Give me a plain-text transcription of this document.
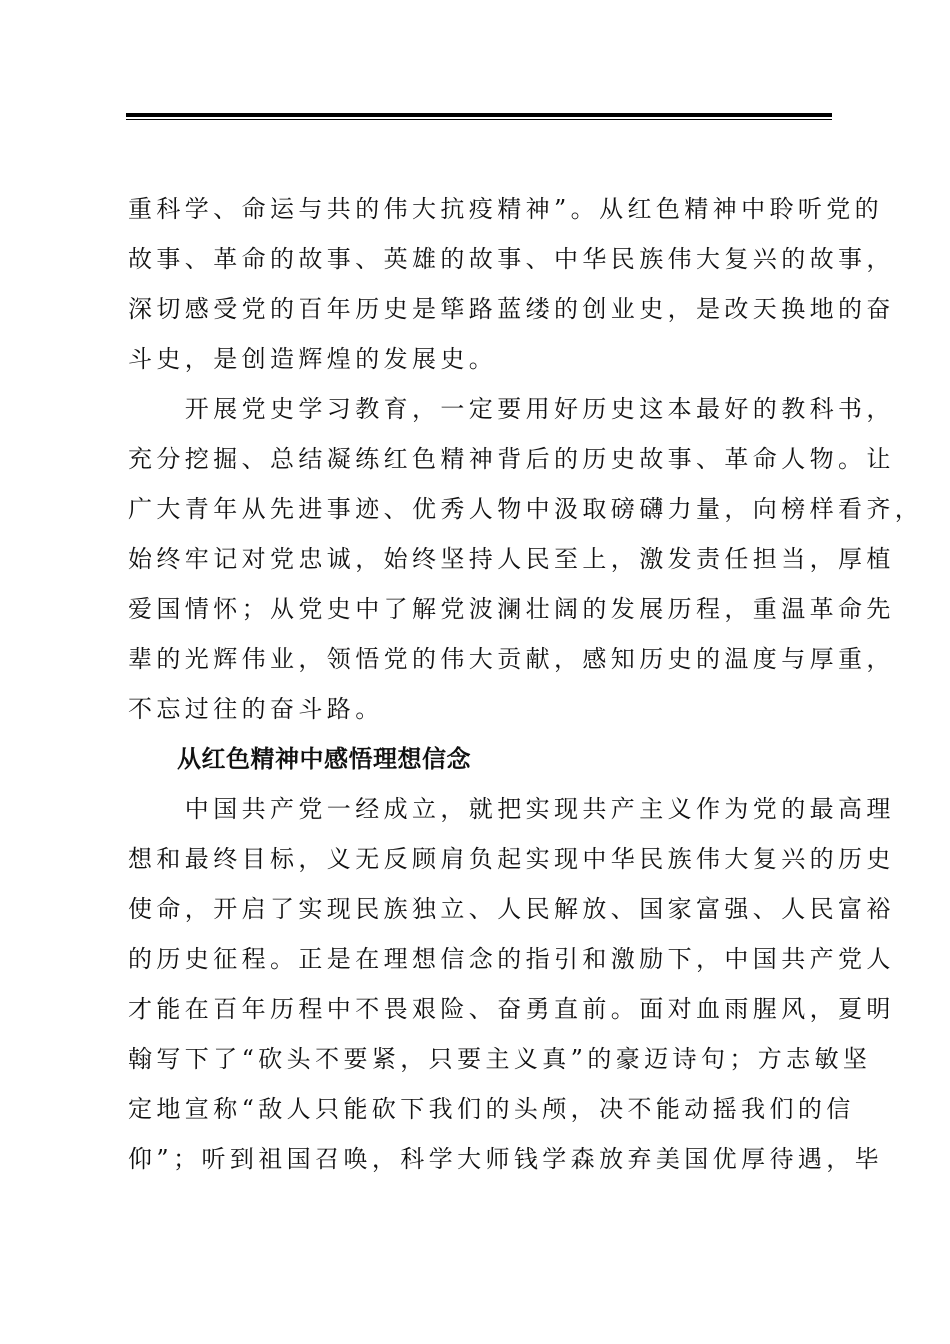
重科学、命运与共的伟大抗疫精神”。从红色精神中聆听党的
故事、革命的故事、英雄的故事、中华民族伟大复兴的故事，
深切感受党的百年历史是筚路蓝缕的创业史，是改天换地的奋
斗史，是创造辉煌的发展史。
　　开展党史学习教育，一定要用好历史这本最好的教科书，
充分挖掘、总结凝练红色精神背后的历史故事、革命人物。让
广大青年从先进事迹、优秀人物中汲取磅礴力量，向榜样看齐，
始终牢记对党忠诚，始终坚持人民至上，激发责任担当，厚植
爱国情怀；从党史中了解党波澜壮阔的发展历程，重温革命先
辈的光辉伟业，领悟党的伟大贡献，感知历史的温度与厚重，
不忘过往的奋斗路。
　　从红色精神中感悟理想信念
　　中国共产党一经成立，就把实现共产主义作为党的最高理
想和最终目标，义无反顾肩负起实现中华民族伟大复兴的历史
使命，开启了实现民族独立、人民解放、国家富强、人民富裕
的历史征程。正是在理想信念的指引和激励下，中国共产党人
才能在百年历程中不畏艰险、奋勇直前。面对血雨腥风，夏明
翰写下了“砍头不要紧，只要主义真”的豪迈诗句；方志敏坚
定地宣称“敌人只能砍下我们的头颅，决不能动摇我们的信
仰”；听到祖国召唤，科学大师钱学森放弃美国优厚待遇，毕
